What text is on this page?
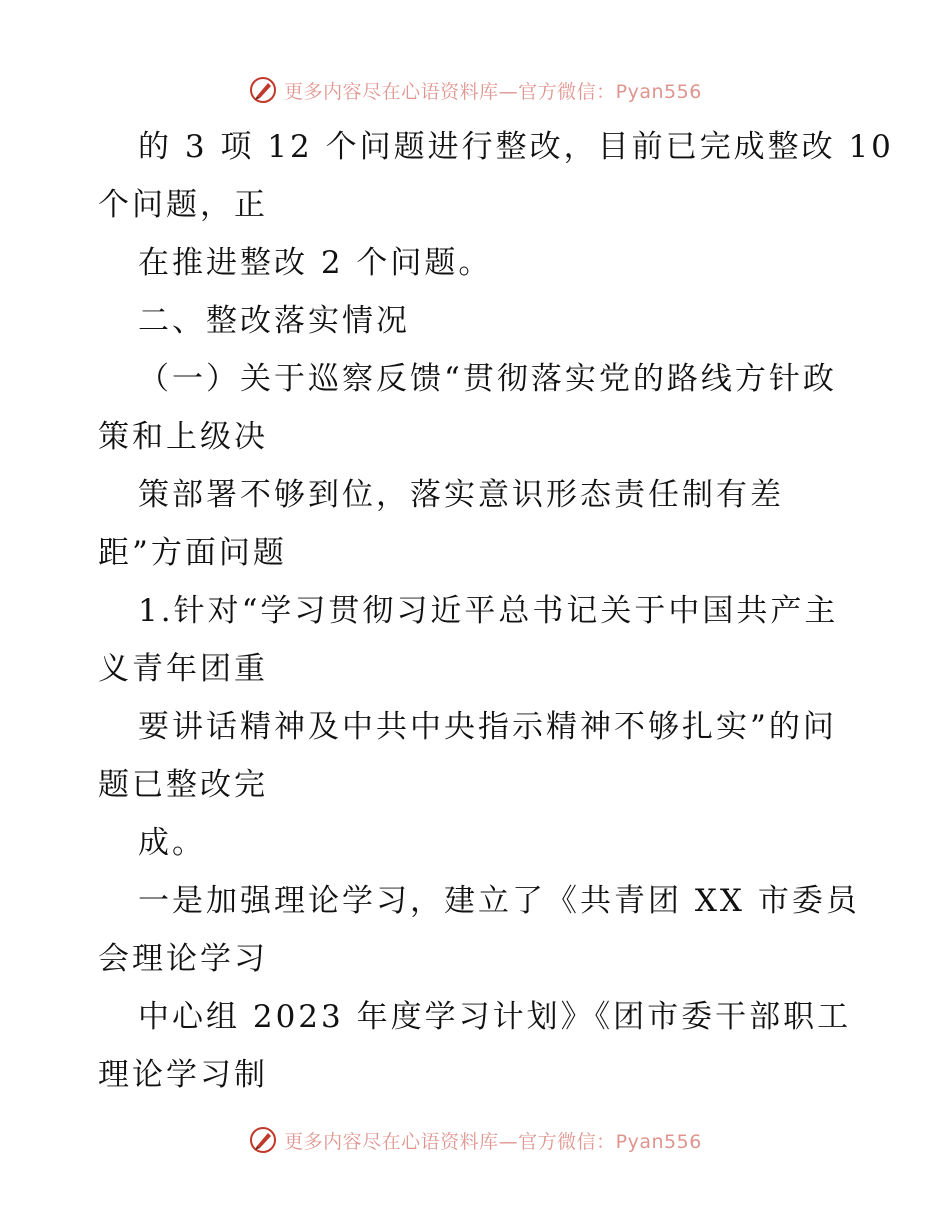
更多内容尽在心语资料库—官方微信：Pyan556
的 3 项 12 个问题进行整改，目前已完成整改 10
个问题，正
在推进整改 2 个问题。
二、整改落实情况
（一）关于巡察反馈“贯彻落实党的路线方针政
策和上级决
策部署不够到位，落实意识形态责任制有差
距”方面问题
1.针对“学习贯彻习近平总书记关于中国共产主
义青年团重
要讲话精神及中共中央指示精神不够扎实”的问
题已整改完
成。
一是加强理论学习，建立了《共青团 XX 市委员
会理论学习
中心组 2023 年度学习计划》《团市委干部职工
理论学习制
更多内容尽在心语资料库—官方微信：Pyan556
